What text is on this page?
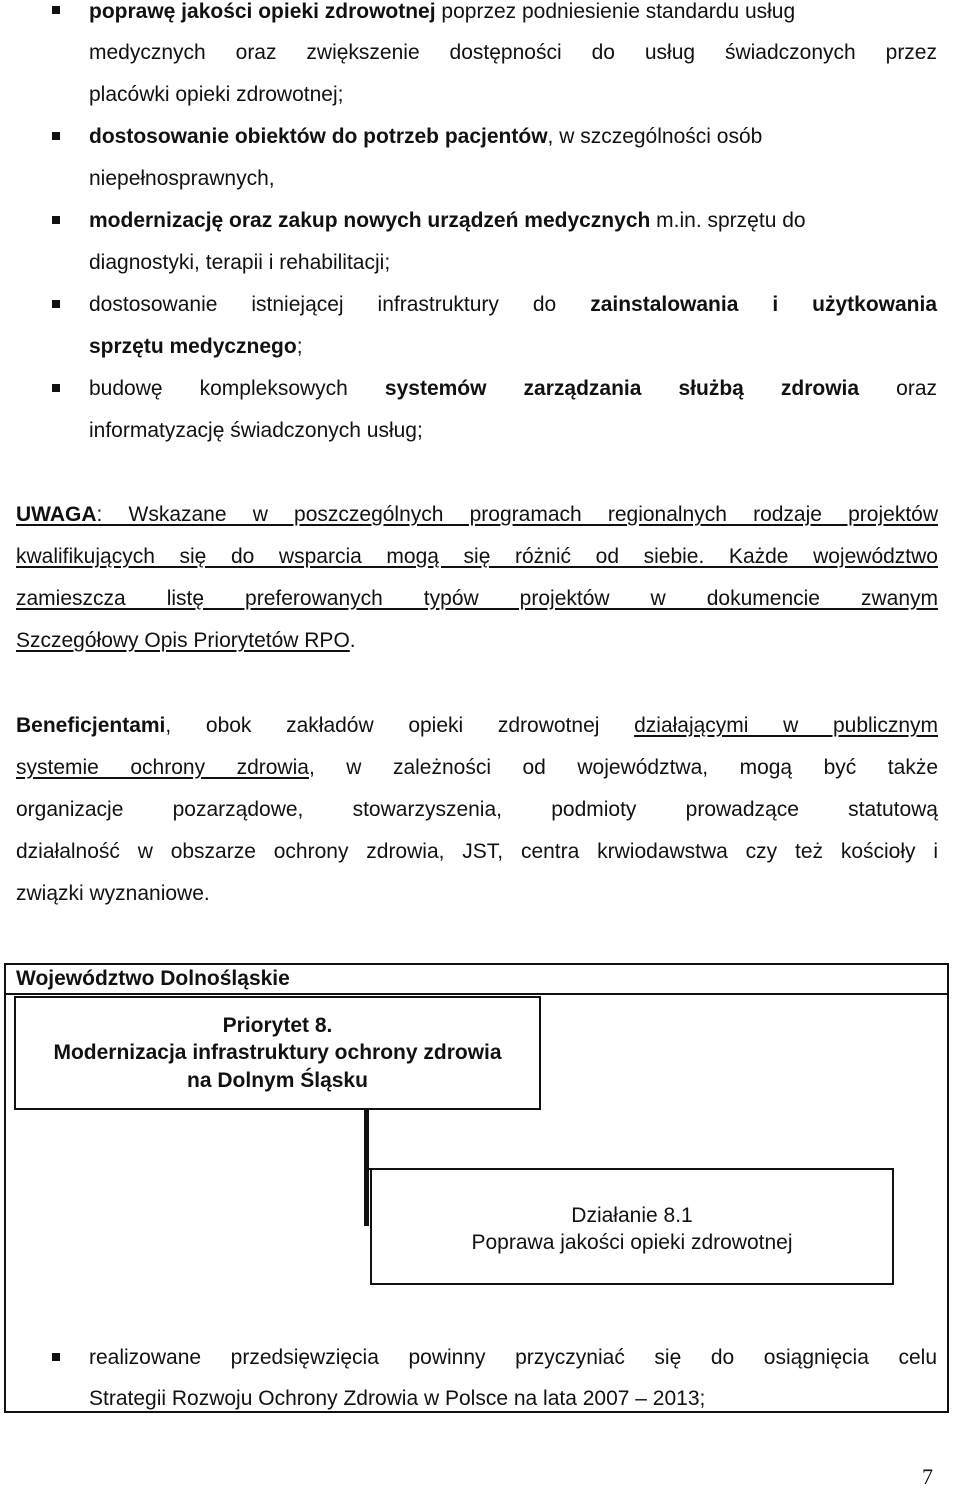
poprawę jakości opieki zdrowotnej poprzez podniesienie standardu usług
medycznych oraz zwiększenie dostępności do usług świadczonych przez
placówki opieki zdrowotnej;
dostosowanie obiektów do potrzeb pacjentów, w szczególności osób
niepełnosprawnych,
modernizację oraz zakup nowych urządzeń medycznych m.in. sprzętu do
diagnostyki, terapii i rehabilitacji;
dostosowanie istniejącej infrastruktury do zainstalowania i użytkowania
sprzętu medycznego;
budowę kompleksowych systemów zarządzania służbą zdrowia oraz
informatyzację świadczonych usług;
UWAGA: Wskazane w poszczególnych programach regionalnych rodzaje projektów
kwalifikujących się do wsparcia mogą się różnić od siebie. Każde województwo
zamieszcza listę preferowanych typów projektów w dokumencie zwanym
Szczegółowy Opis Priorytetów RPO.
Beneficjentami, obok zakładów opieki zdrowotnej działającymi w publicznym
systemie ochrony zdrowia, w zależności od województwa, mogą być także
organizacje pozarządowe, stowarzyszenia, podmioty prowadzące statutową
działalność w obszarze ochrony zdrowia, JST, centra krwiodawstwa czy też kościoły i
związki wyznaniowe.
Województwo Dolnośląskie
Priorytet 8.
Modernizacja infrastruktury ochrony zdrowia
na Dolnym Śląsku
Działanie 8.1
Poprawa jakości opieki zdrowotnej
realizowane przedsięwzięcia powinny przyczyniać się do osiągnięcia celu
Strategii Rozwoju Ochrony Zdrowia w Polsce na lata 2007 – 2013;
7
